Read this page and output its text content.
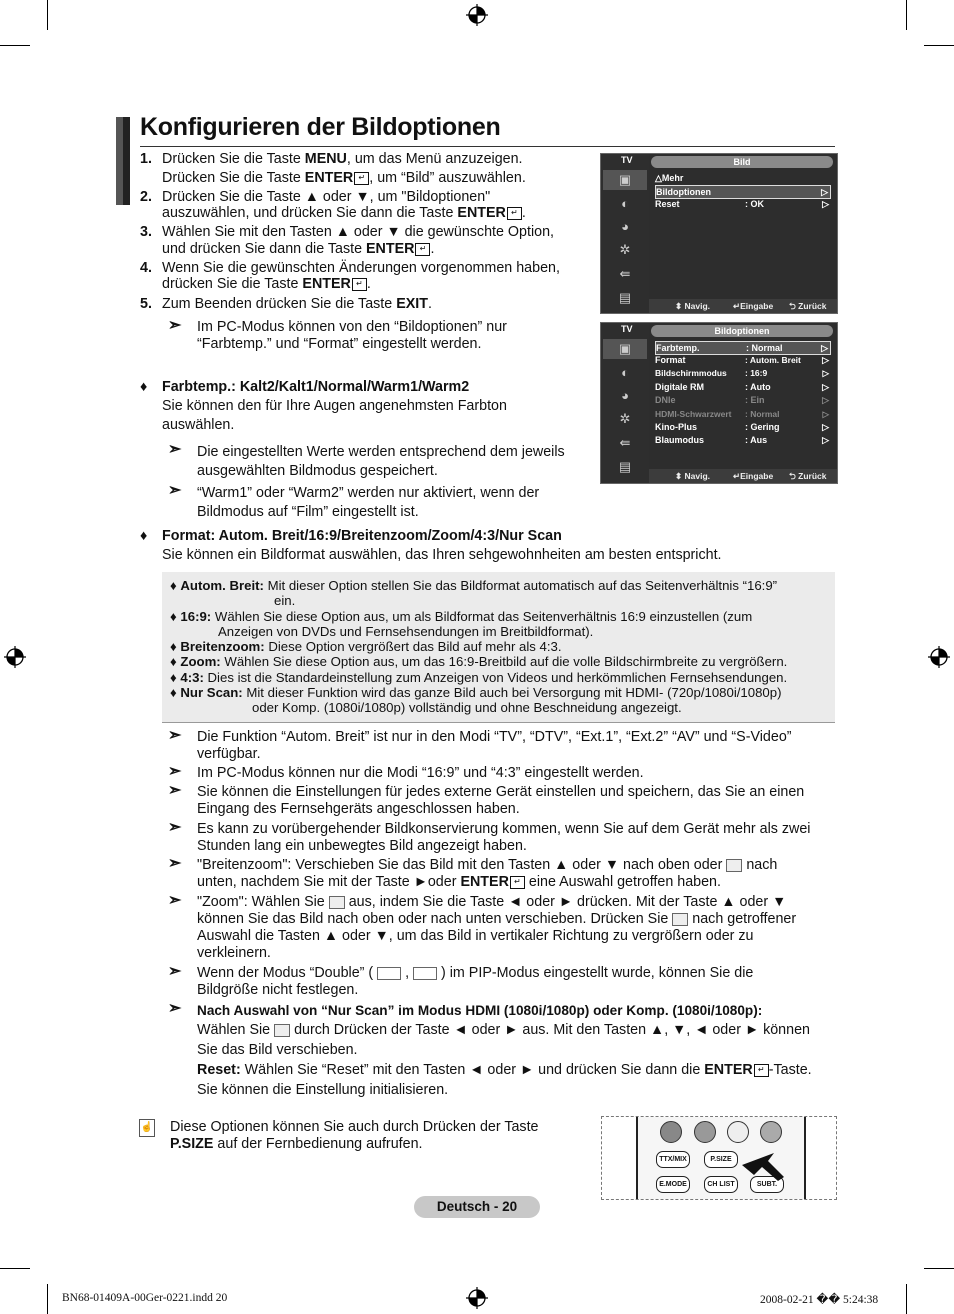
Konfigurieren der Bildoptionen
1. Drücken Sie die Taste MENU, um das Menü anzuzeigen.
Drücken Sie die Taste ENTER ↵ , um “Bild” auszuwählen.
2. Drücken Sie die Taste ▲ oder ▼, um "Bildoptionen"
auszuwählen, und drücken Sie dann die Taste ENTER ↵ .
3. Wählen Sie mit den Tasten ▲ oder ▼ die gewünschte Option,
und drücken Sie dann die Taste ENTER ↵ .
4. Wenn Sie die gewünschten Änderungen vorgenommen haben,
drücken Sie die Taste ENTER ↵ .
5. Zum Beenden drücken Sie die Taste EXIT.
➣ Im PC-Modus können von den “Bildoptionen” nur
“Farbtemp.” und “Format” eingestellt werden.
♦ Farbtemp.: Kalt2/Kalt1/Normal/Warm1/Warm2
Sie können den für Ihre Augen angenehmsten Farbton
auswählen.
➣ Die eingestellten Werte werden entsprechend dem jeweils
ausgewählten Bildmodus gespeichert.
➣ “Warm1” oder “Warm2” werden nur aktiviert, wenn der
Bildmodus auf “Film” eingestellt ist.
♦ Format: Autom. Breit/16:9/Breitenzoom/Zoom/4:3/Nur Scan
Sie können ein Bildformat auswählen, das Ihren sehgewohnheiten am besten entspricht.
♦ Autom. Breit: Mit dieser Option stellen Sie das Bildformat automatisch auf das Seitenverhältnis “16:9”
ein.
♦ 16:9: Wählen Sie diese Option aus, um als Bildformat das Seitenverhältnis 16:9 einzustellen (zum
Anzeigen von DVDs und Fernsehsendungen im Breitbildformat).
♦ Breitenzoom: Diese Option vergrößert das Bild auf mehr als 4:3.
♦ Zoom: Wählen Sie diese Option aus, um das 16:9-Breitbild auf die volle Bildschirmbreite zu vergrößern.
♦ 4:3: Dies ist die Standardeinstellung zum Anzeigen von Videos und herkömmlichen Fernsehsendungen.
♦ Nur Scan: Mit dieser Funktion wird das ganze Bild auch bei Versorgung mit HDMI- (720p/1080i/1080p)
oder Komp. (1080i/1080p) vollständig und ohne Beschneidung angezeigt.
➣ Die Funktion “Autom. Breit” ist nur in den Modi “TV”, “DTV”, “Ext.1”, “Ext.2” “AV” und “S-Video”
verfügbar.
➣ Im PC-Modus können nur die Modi “16:9” und “4:3” eingestellt werden.
➣ Sie können die Einstellungen für jedes externe Gerät einstellen und speichern, das Sie an einen
Eingang des Fernsehgeräts angeschlossen haben.
➣ Es kann zu vorübergehender Bildkonservierung kommen, wenn Sie auf dem Gerät mehr als zwei
Stunden lang ein unbewegtes Bild angezeigt haben.
➣ "Breitenzoom": Verschieben Sie das Bild mit den Tasten ▲ oder ▼ nach oben oder  nach
unten, nachdem Sie mit der Taste ►oder ENTER ↵ eine Auswahl getroffen haben.
➣ "Zoom": Wählen Sie  aus, indem Sie die Taste ◄ oder ► drücken. Mit der Taste ▲ oder ▼
können Sie das Bild nach oben oder nach unten verschieben. Drücken Sie  nach getroffener
Auswahl die Tasten ▲ oder ▼, um das Bild in vertikaler Richtung zu vergrößern oder zu
verkleinern.
➣ Wenn der Modus “Double” (  ,  ) im PIP-Modus eingestellt wurde, können Sie die
Bildgröße nicht festlegen.
➣ Nach Auswahl von “Nur Scan” im Modus HDMI (1080i/1080p) oder Komp. (1080i/1080p):
Wählen Sie  durch Drücken der Taste ◄ oder ► aus. Mit den Tasten ▲, ▼, ◄ oder ► können
Sie das Bild verschieben.
Reset: Wählen Sie “Reset” mit den Tasten ◄ oder ► und drücken Sie dann die ENTER ↵ -Taste.
Sie können die Einstellung initialisieren.
☝ Diese Optionen können Sie auch durch Drücken der Taste
P.SIZE auf der Fernbedienung aufrufen.
▣
◐
◕
✲
⇚
▤
TV	Bild
△Mehr
Bildoptionen	▷
Reset	: OK	▷
⬍ Navig.	↵Eingabe ⮌ Zurück
▣
◐
◕
✲
⇚
▤
TV	Bildoptionen
Farbtemp.	: Normal	▷
Format	: Autom. Breit ▷
Bildschirmmodus : 16:9	▷
Digitale RM	: Auto	▷
DNIe	: Ein	▷
HDMI-Schwarzwert : Normal	▷
Kino-Plus	: Gering	▷
Blaumodus	: Aus	▷
⬍ Navig.	↵Eingabe ⮌ Zurück
TTX/MIX	P.SIZE
E.MODE	CH LIST	SUBT.
Deutsch - 20
BN68-01409A-00Ger-0221.indd 20	2008-02-21 �� 5:24:38
